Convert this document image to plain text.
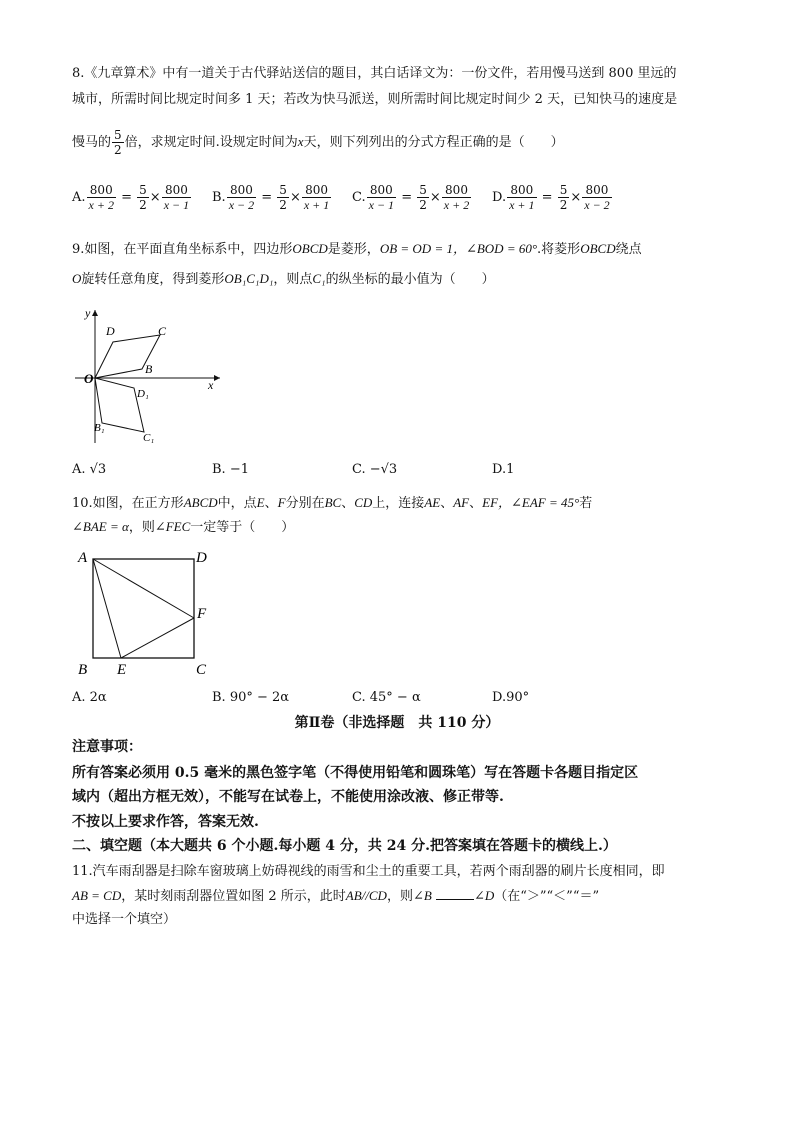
8.《九章算术》中有一道关于古代驿站送信的题目，其白话译文为：一份文件，若用慢马送到 800 里远的
城市，所需时间比规定时间多 1 天；若改为快马派送，则所需时间比规定时间少 2 天，已知快马的速度是
慢马的 $\frac{5}{2}$ 倍，求规定时间.设规定时间为x天，则下列列出的分式方程正确的是（　　）
A. $\frac{800}{x + 2} = \frac{5}{2} \times \frac{800}{x - 1} B$. $\frac{800}{x - 2} = \frac{5}{2} \times \frac{800}{x + 1} C$. $\frac{800}{x - 1} = \frac{5}{2} \times \frac{800}{x + 2} D$. $\frac{800}{x + 1} = \frac{5}{2} \times \frac{800}{x - 2}$
9.如图，在平面直角坐标系中，四边形OBCD是菱形，OB = OD = 1，∠BOD = 60°.将菱形OBCD绕点
O旋转任意角度，得到菱形OB₁C₁D₁，则点C₁的纵坐标的最小值为（　　）
y
x
O
D	C
B
D₁
B₁
C₁
A. √3	B. −1	C. −√3	D.1
10.如图，在正方形ABCD中，点E、F分别在BC、CD上，连接AE、AF、EF，∠EAF = 45°若
∠BAE = α，则∠FEC一定等于（　　）
A	D
F
B E	C
A. 2α	B. 90° − 2α	C. 45° − α	D.90°
第Ⅱ卷（非选择题　共 110 分）
注意事项：
所有答案必须用 0.5 毫米的黑色签字笔（不得使用铅笔和圆珠笔）写在答题卡各题目指定区
域内（超出方框无效），不能写在试卷上，不能使用涂改液、修正带等.
不按以上要求作答，答案无效.
二、填空题（本大题共 6 个小题.每小题 4 分，共 24 分.把答案填在答题卡的横线上.）
11.汽车雨刮器是扫除车窗玻璃上妨碍视线的雨雪和尘土的重要工具，若两个雨刮器的刷片长度相同，即
AB = CD，某时刻雨刮器位置如图 2 所示，此时AB//CD，则∠B	∠D（在“＞”“＜”“＝”
中选择一个填空）
